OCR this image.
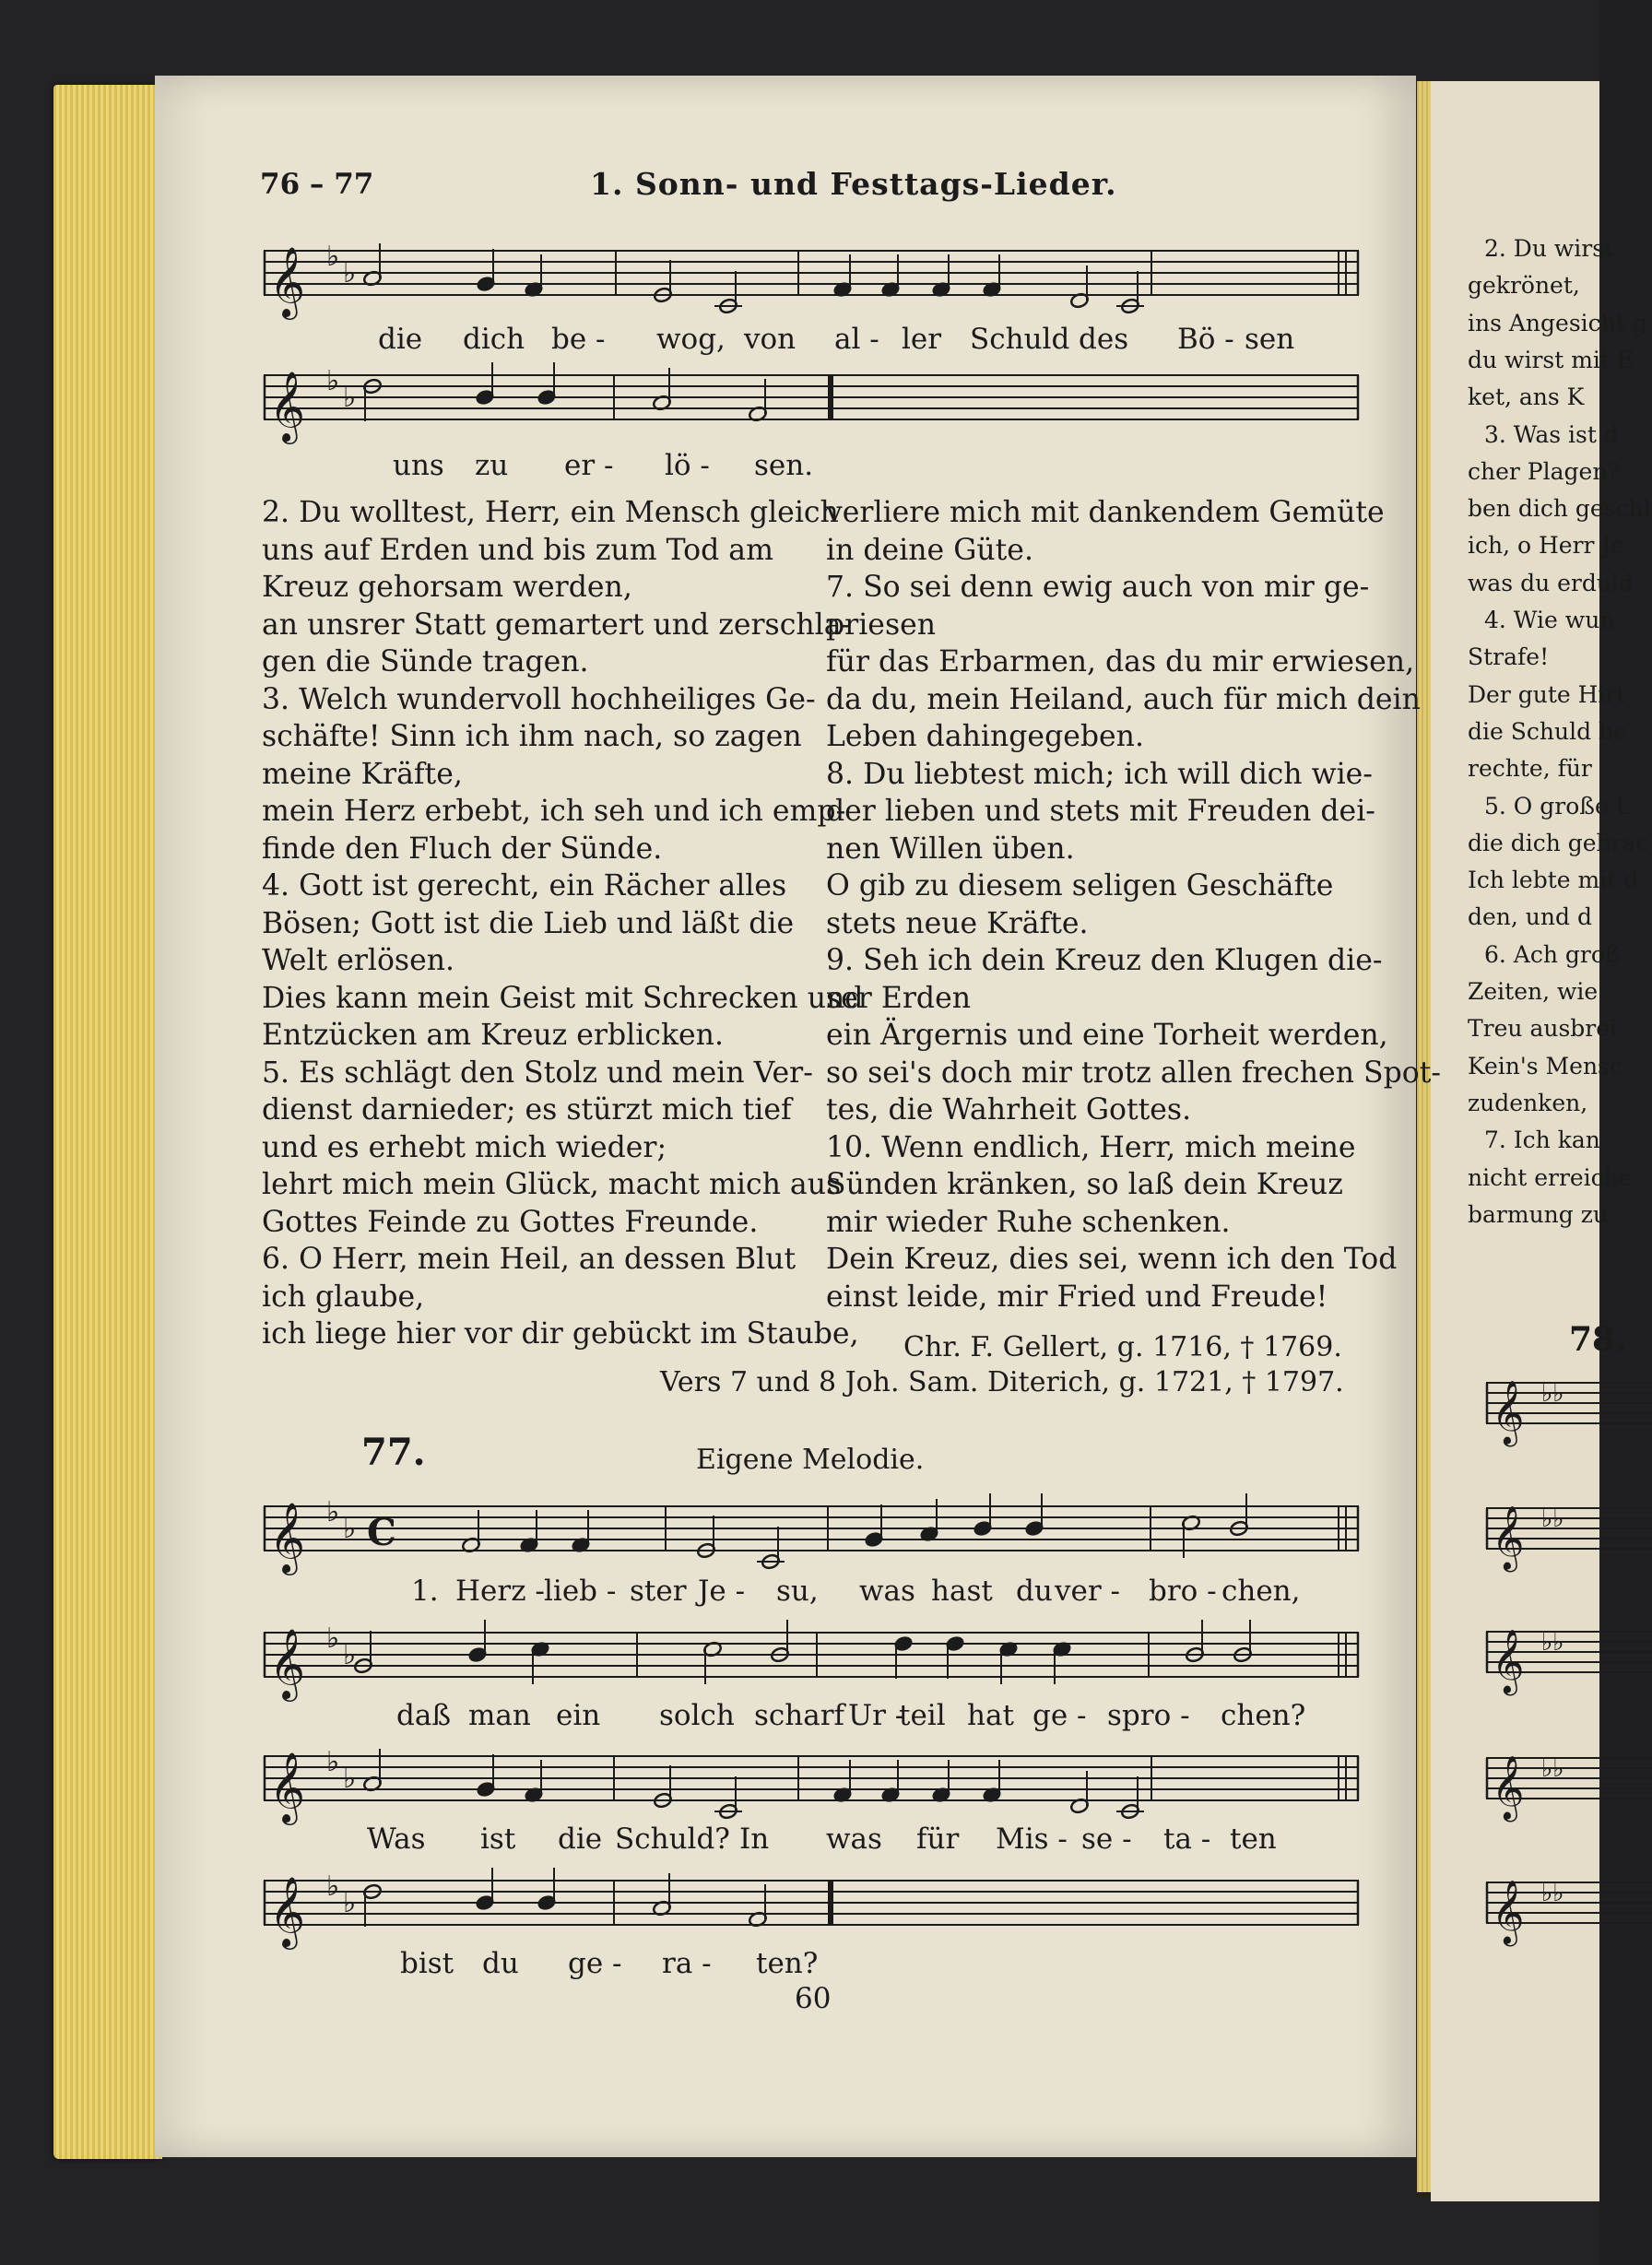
76 – 77	1. Sonn- und Festtags-Lieder.
𝄞 ♭
♭
𝄞 ♭
♭
𝄞 ♭
♭ C
𝄞 ♭
♭
𝄞 ♭
♭
𝄞 ♭
♭
die dich be - wog, von al - ler Schuld des Bö - sen
uns zu er - lö - sen.
1. Herz - lieb - ster Je - su, was hast du ver - bro - chen,
daß man ein solch scharf Ur -
teil hat ge - spro - chen?
Was ist die Schuld? In was für Mis - se - ta - ten
bist du ge - ra - ten?
2. Du wolltest, Herr, ein Mensch gleich
uns auf Erden und bis zum Tod am
Kreuz gehorsam werden,
an unsrer Statt gemartert und zerschla-
gen die Sünde tragen.
3. Welch wundervoll hochheiliges Ge-
schäfte! Sinn ich ihm nach, so zagen
meine Kräfte,
mein Herz erbebt, ich seh und ich emp-
finde den Fluch der Sünde.
4. Gott ist gerecht, ein Rächer alles
Bösen; Gott ist die Lieb und läßt die
Welt erlösen.
Dies kann mein Geist mit Schrecken und
Entzücken am Kreuz erblicken.
5. Es schlägt den Stolz und mein Ver-
dienst darnieder; es stürzt mich tief
und es erhebt mich wieder;
lehrt mich mein Glück, macht mich aus
Gottes Feinde zu Gottes Freunde.
6. O Herr, mein Heil, an dessen Blut
ich glaube,
ich liege hier vor dir gebückt im Staube,
verliere mich mit dankendem Gemüte
in deine Güte.
7. So sei denn ewig auch von mir ge-
priesen
für das Erbarmen, das du mir erwiesen,
da du, mein Heiland, auch für mich dein
Leben dahingegeben.
8. Du liebtest mich; ich will dich wie-
der lieben und stets mit Freuden dei-
nen Willen üben.
O gib zu diesem seligen Geschäfte
stets neue Kräfte.
9. Seh ich dein Kreuz den Klugen die-
ser Erden
ein Ärgernis und eine Torheit werden,
so sei's doch mir trotz allen frechen Spot-
tes, die Wahrheit Gottes.
10. Wenn endlich, Herr, mich meine
Sünden kränken, so laß dein Kreuz
mir wieder Ruhe schenken.
Dein Kreuz, dies sei, wenn ich den Tod
einst leide, mir Fried und Freude!
Chr. F. Gellert, g. 1716, † 1769.
Vers 7 und 8 Joh. Sam. Diterich, g. 1721, † 1797.
77.	Eigene Melodie.
60
2. Du wirst
gekrönet,
ins Angesicht g
du wirst mit E
ket, ans K
3. Was ist d
cher Plagen?
ben dich geschl
ich, o Herr Je
was du erduld
4. Wie wun
Strafe!
Der gute Hirt
die Schuld be
rechte, für
5. O große L
die dich gebrac
Ich lebte mit d
den, und d
6. Ach groß
Zeiten, wie
Treu ausbrei
Kein's Mensc
zudenken,
7. Ich kan
nicht erreiche
barmung zu
78.
𝄞 ♭♭
𝄞 ♭♭
𝄞 ♭♭
𝄞 ♭♭
𝄞 ♭♭
